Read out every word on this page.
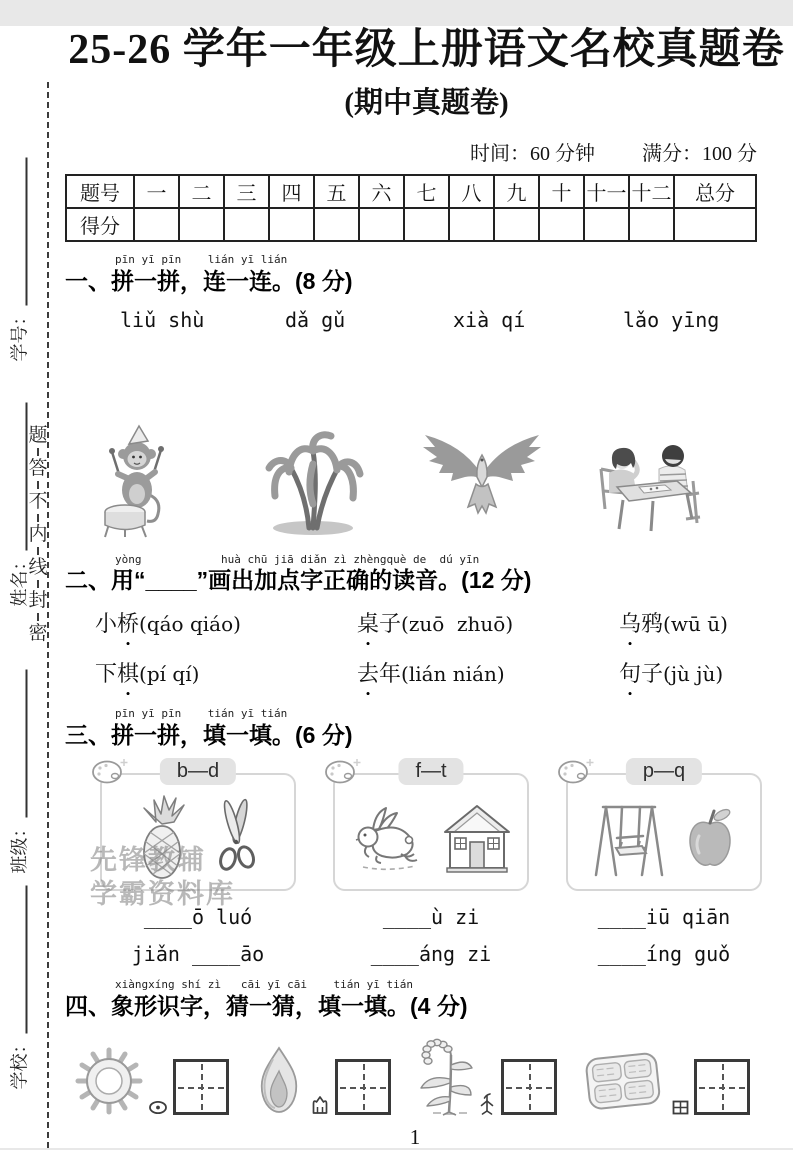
题
答
不
内
线
封
密
学号：
姓名：
班级：
学校：
25-26 学年一年级上册语文名校真题卷
(期中真题卷)
时间：60 分钟 满分：100 分
题号	一	二	三	四	五	六	七	八	九	十	十一	十二	总分
得分													
pīn yī pīn    lián yī lián
一、拼一拼，连一连。(8 分)
liǔ shù	dǎ gǔ	xià qí	lǎo yīng
yòng            huà chū jiā diǎn zì zhèngquè de  dú yīn
二、用“____”画出加点字正确的读音。(12 分)
小桥(qáo qiáo)	桌子(zuō  zhuō)	乌鸦(wū ū)
下棋(pí qí)	去年(lián nián)	句子(jù jù)
pīn yī pīn    tián yī tián
三、拼一拼，填一填。(6 分)
b—d
____ō luó
jiǎn ____āo
f—t
____ù zi
____áng zi
p—q
____iū qiān
____íng guǒ
xiàngxíng shí zì   cāi yī cāi    tián yī tián
四、象形识字，猜一猜，填一填。(4 分)
1
先锋教辅
学霸资料库
